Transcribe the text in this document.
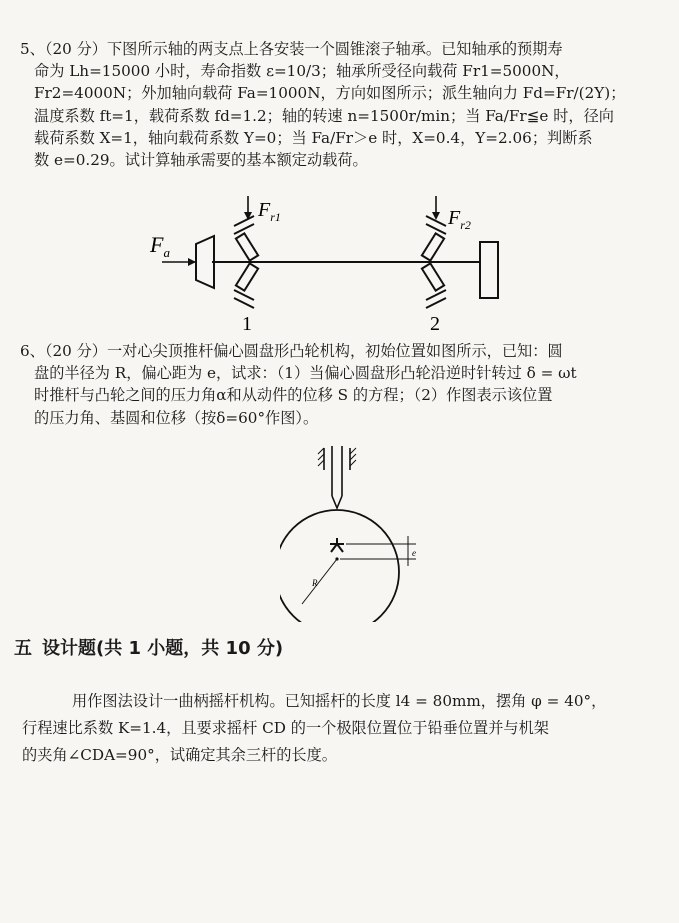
5、（20 分）下图所示轴的两支点上各安装一个圆锥滚子轴承。已知轴承的预期寿
命为 Lh=15000 小时，寿命指数 ε=10/3；轴承所受径向载荷 Fr1=5000N，
Fr2=4000N；外加轴向载荷 Fa=1000N，方向如图所示；派生轴向力 Fd=Fr/(2Y)；
温度系数 ft=1，载荷系数 fd=1.2；轴的转速 n=1500r/min；当 Fa/Fr≦e 时，径向
载荷系数 X=1，轴向载荷系数 Y=0；当 Fa/Fr＞e 时，X=0.4，Y=2.06；判断系
数 e=0.29。试计算轴承需要的基本额定动载荷。
$F_a$
$F_{r1}$
1
$F_{r2}$
2
6、（20 分）一对心尖顶推杆偏心圆盘形凸轮机构，初始位置如图所示，已知：圆
盘的半径为 R，偏心距为 e，试求：（1）当偏心圆盘形凸轮沿逆时针转过 δ = ωt
时推杆与凸轮之间的压力角α和从动件的位移 S 的方程；（2）作图表示该位置
的压力角、基圆和位移（按δ=60°作图）。
e
R
五 设计题(共 1 小题，共 10 分)
用作图法设计一曲柄摇杆机构。已知摇杆的长度 l4 = 80mm，摆角 φ = 40°，
行程速比系数 K=1.4，且要求摇杆 CD 的一个极限位置位于铅垂位置并与机架
的夹角∠CDA=90°，试确定其余三杆的长度。
